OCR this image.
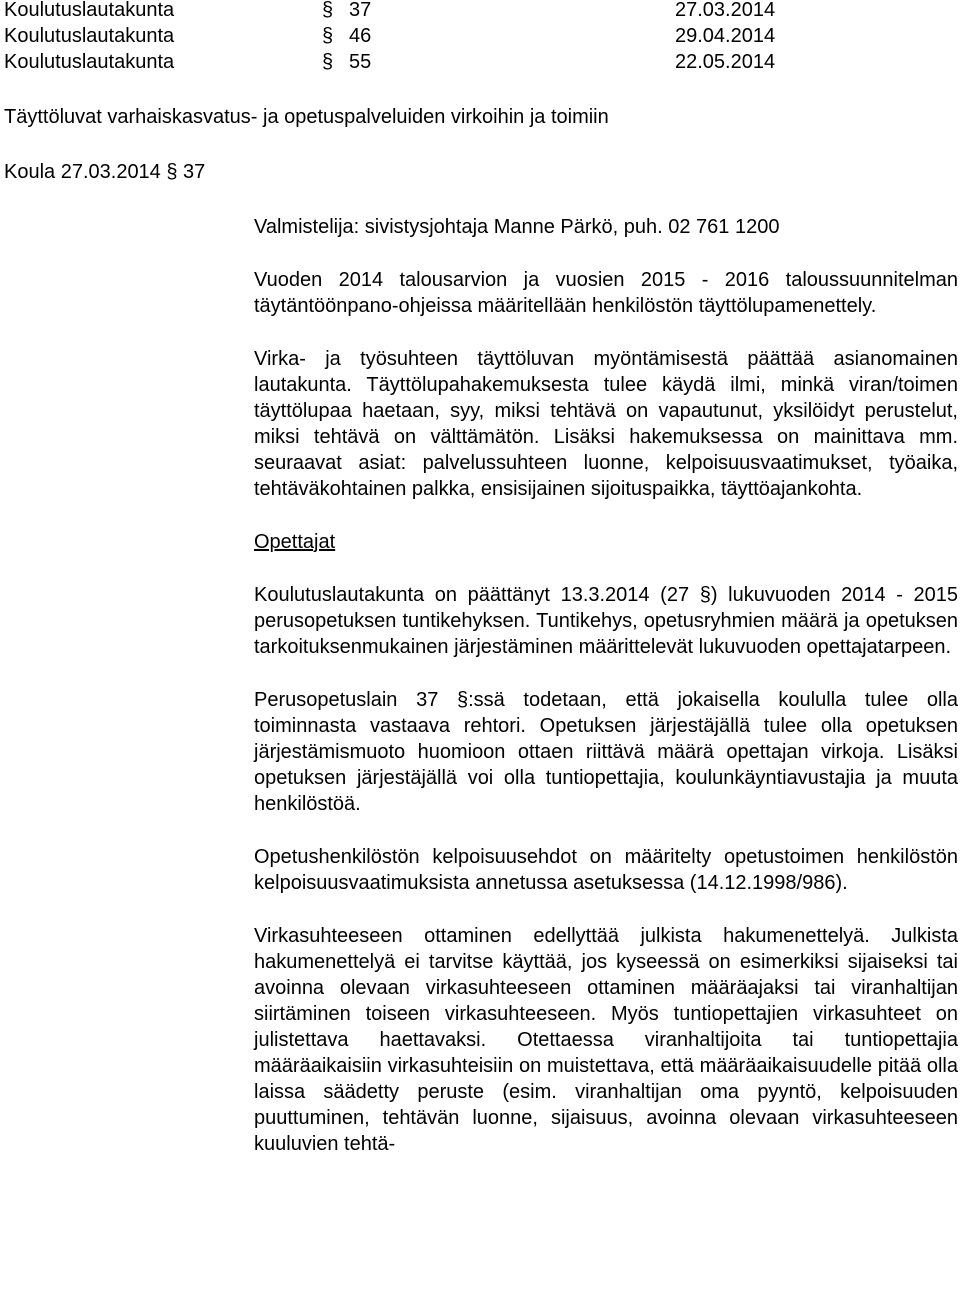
Koulutuslautakunta	§ 37	27.03.2014
Koulutuslautakunta	§ 46	29.04.2014
Koulutuslautakunta	§ 55	22.05.2014
Täyttöluvat varhaiskasvatus- ja opetuspalveluiden virkoihin ja toimiin
Koula 27.03.2014 § 37

Valmistelija: sivistysjohtaja Manne Pärkö, puh. 02 761 1200

Vuoden 2014 talousarvion ja vuosien 2015 - 2016 taloussuunnitelman täytäntöönpano-ohjeissa määritellään henkilöstön täyttölupamenettely.

Virka- ja työsuhteen täyttöluvan myöntämisestä päättää asianomainen lautakunta. Täyttölupahakemuksesta tulee käydä ilmi, minkä viran/toimen täyttölupaa haetaan, syy, miksi tehtävä on vapautunut, yksilöidyt perustelut, miksi tehtävä on välttämätön. Lisäksi hakemuksessa on mainittava mm. seuraavat asiat: palvelussuhteen luonne, kelpoisuusvaatimukset, työaika, tehtäväkohtainen palkka, ensisijainen sijoituspaikka, täyttöajankohta.

Opettajat

Koulutuslautakunta on päättänyt 13.3.2014 (27 §) lukuvuoden 2014 - 2015 perusopetuksen tuntikehyksen. Tuntikehys, opetusryhmien määrä ja opetuksen tarkoituksenmukainen järjestäminen määrittelevät lukuvuoden opettajatarpeen.

Perusopetuslain 37 §:ssä todetaan, että jokaisella koululla tulee olla toiminnasta vastaava rehtori. Opetuksen järjestäjällä tulee olla opetuksen järjestämismuoto huomioon ottaen riittävä määrä opettajan virkoja. Lisäksi opetuksen järjestäjällä voi olla tuntiopettajia, koulunkäyntiavustajia ja muuta henkilöstöä.

Opetushenkilöstön kelpoisuusehdot on määritelty opetustoimen henkilöstön kelpoisuusvaatimuksista annetussa asetuksessa (14.12.1998/986).

Virkasuhteeseen ottaminen edellyttää julkista hakumenettelyä. Julkista hakumenettelyä ei tarvitse käyttää, jos kyseessä on esimerkiksi sijaiseksi tai avoinna olevaan virkasuhteeseen ottaminen määräajaksi tai viranhaltijan siirtäminen toiseen virkasuhteeseen. Myös tuntiopettajien virkasuhteet on julistettava haettavaksi. Otettaessa viranhaltijoita tai tuntiopettajia määräaikaisiin virkasuhteisiin on muistettava, että määräaikaisuudelle pitää olla laissa säädetty peruste (esim. viranhaltijan oma pyyntö, kelpoisuuden puuttuminen, tehtävän luonne, sijaisuus, avoinna olevaan virkasuhteeseen kuuluvien tehtä-
